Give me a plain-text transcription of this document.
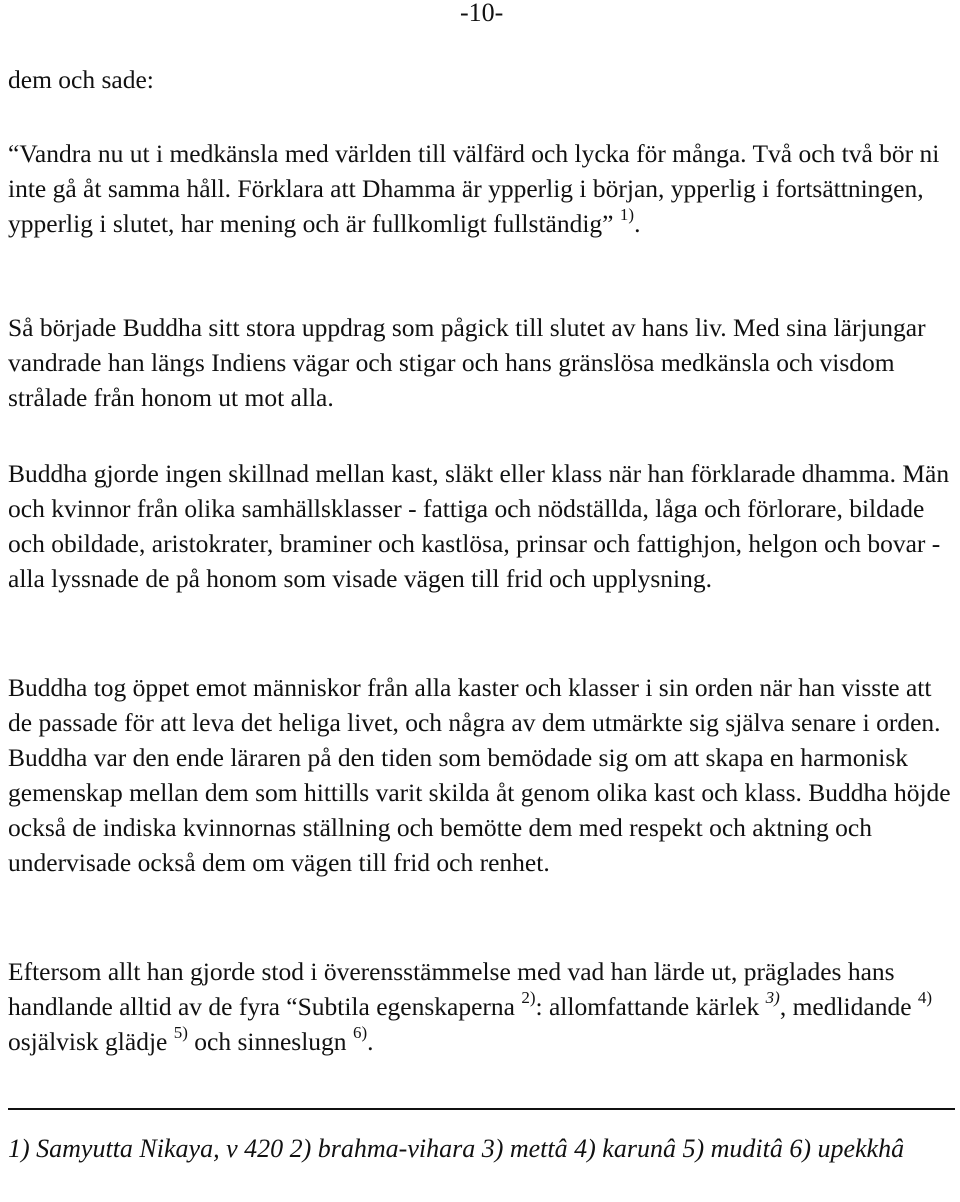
-10-

dem och sade:

“Vandra nu ut i medkänsla med världen till välfärd och lycka för många. Två och två bör ni inte gå åt samma håll. Förklara att Dhamma är ypperlig i början, ypperlig i fortsättningen, ypperlig i slutet, har mening och är fullkomligt fullständig” $^{1)}$.

Så började Buddha sitt stora uppdrag som pågick till slutet av hans liv. Med sina lärjungar vandrade han längs Indiens vägar och stigar och hans gränslösa medkänsla och visdom strålade från honom ut mot alla.

Buddha gjorde ingen skillnad mellan kast, släkt eller klass när han förklarade dhamma. Män och kvinnor från olika samhällsklasser - fattiga och nödställda, låga och förlorare, bildade och obildade, aristokrater, braminer och kastlösa, prinsar och fattighjon, helgon och bovar - alla lyssnade de på honom som visade vägen till frid och upplysning.

Buddha tog öppet emot människor från alla kaster och klasser i sin orden när han visste att de passade för att leva det heliga livet, och några av dem utmärkte sig själva senare i orden. Buddha var den ende läraren på den tiden som bemödade sig om att skapa en harmonisk gemenskap mellan dem som hittills varit skilda åt genom olika kast och klass. Buddha höjde också de indiska kvinnornas ställning och bemötte dem med respekt och aktning och undervisade också dem om vägen till frid och renhet.

Eftersom allt han gjorde stod i överensstämmelse med vad han lärde ut, präglades hans handlande alltid av de fyra “Subtila egenskaperna $^{2)}$: allomfattande kärlek $^{3)}$, medlidande $^{4)}$ osjälvisk glädje $^{5)}$ och sinneslugn $^{6)}$.

1) Samyutta Nikaya, v 420 2) brahma-vihara 3) mettâ 4) karunâ 5) muditâ 6) upekkhâ
